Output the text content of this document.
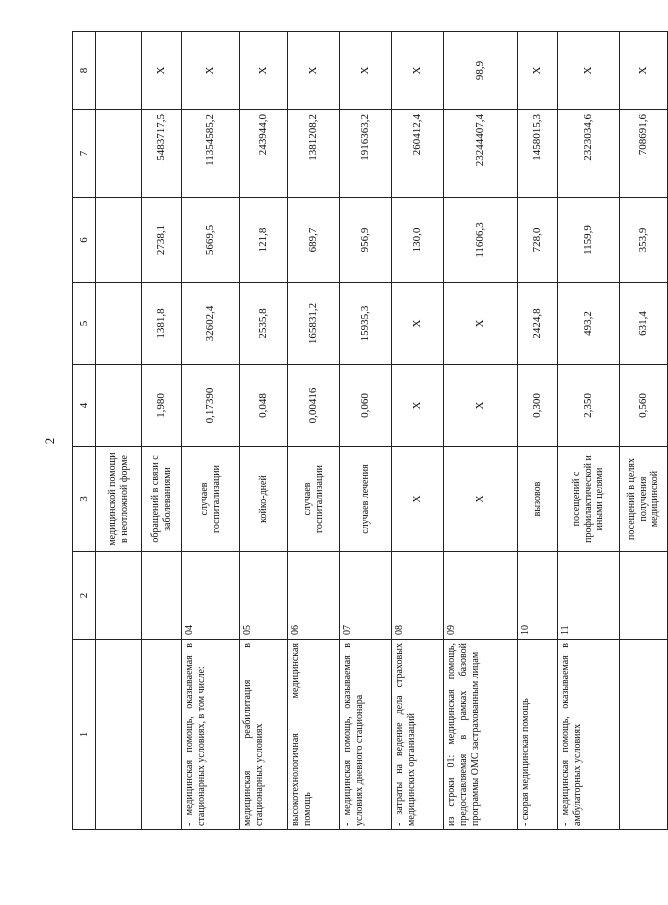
2
1	2	3	4	5	6	7	8
		медицинской помощи в неотложной форме					
		обращений в связи с заболеваниями	1,980	1381,8	2738,1	5483717,5	X
- медицинская помощь, оказываемая в стационарных условиях, в том числе:	04	случаев госпитализации	0,17390	32602,4	5669,5	11354585,2	X
медицинская реабилитация в стационарных условиях	05	койко-дней	0,048	2535,8	121,8	243944,0	X
высокотехнологичная медицинская помощь	06	случаев госпитализации	0,00416	165831,2	689,7	1381208,2	X
- медицинская помощь, оказываемая в условиях дневного стационара	07	случаев лечения	0,060	15935,3	956,9	1916363,2	X
- затраты на ведение дела страховых медицинских организаций	08	X	X	X	130,0	260412,4	X
из строки 01: медицинская помощь, предоставляемая в рамках базовой программы ОМС застрахованным лицам	09	X	X	X	11606,3	23244407,4	98,9
- скорая медицинская помощь	10	вызовов	0,300	2424,8	728,0	1458015,3	X
- медицинская помощь, оказываемая в амбулаторных условиях	11	посещений с профилактической и иными целями	2,350	493,2	1159,9	2323034,6	X
		посещений в целях получения медицинской	0,560	631,4	353,9	708691,6	X
